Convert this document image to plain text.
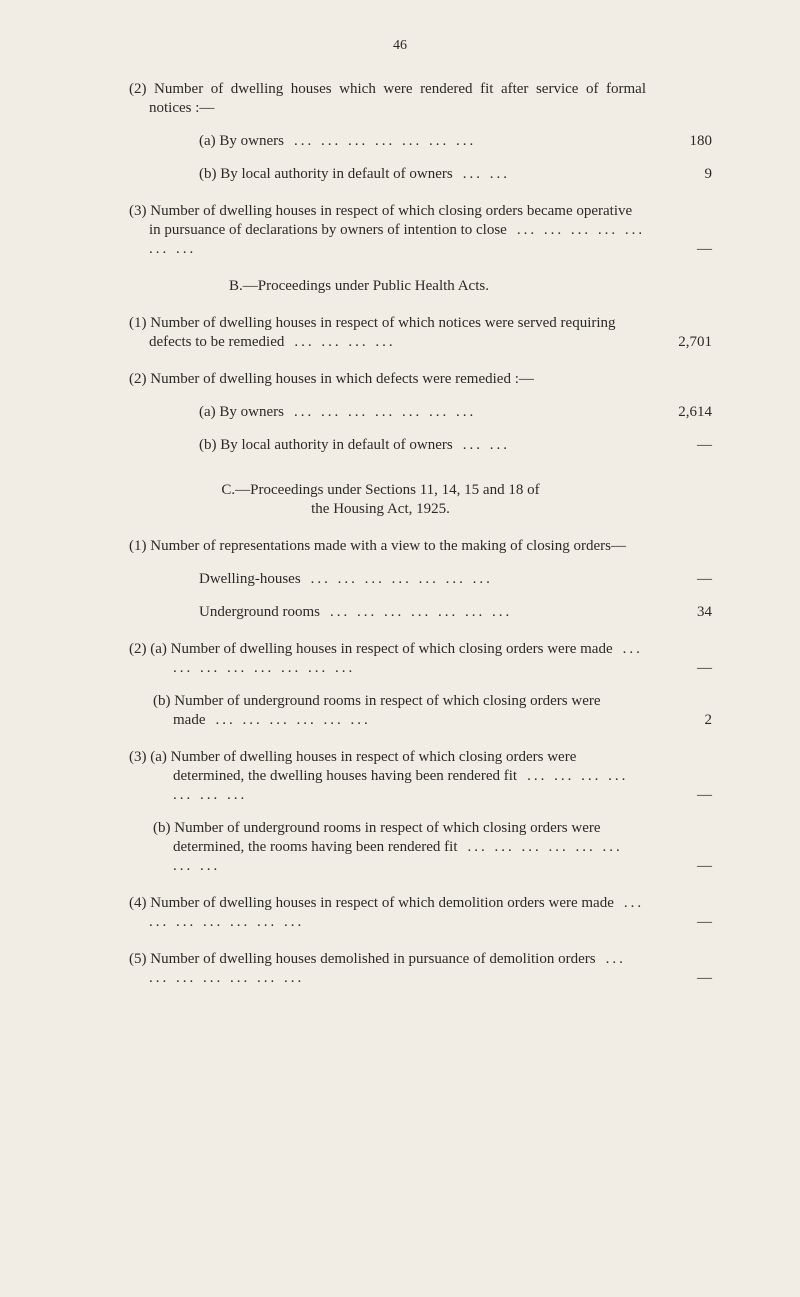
46
(2) Number of dwelling houses which were rendered fit after service of formal notices :—
(a) By owners ... ... ... ... ... ... ...	180
(b) By local authority in default of owners ... ...	9
(3) Number of dwelling houses in respect of which closing orders became operative in pursuance of declarations by owners of intention to close ... ... ... ... ... ... ...	—
B.—Proceedings under Public Health Acts.
(1) Number of dwelling houses in respect of which notices were served requiring defects to be remedied ... ... ... ...	2,701
(2) Number of dwelling houses in which defects were remedied :—
(a) By owners ... ... ... ... ... ... ...	2,614
(b) By local authority in default of owners ... ...	—
C.—Proceedings under Sections 11, 14, 15 and 18 of
the Housing Act, 1925.
(1) Number of representations made with a view to the making of closing orders—
Dwelling-houses ... ... ... ... ... ... ...	—
Underground rooms ... ... ... ... ... ... ...	34
(2) (a) Number of dwelling houses in respect of which closing orders were made ... ... ... ... ... ... ... ...	—
(b) Number of underground rooms in respect of which closing orders were made ... ... ... ... ... ...	2
(3) (a) Number of dwelling houses in respect of which closing orders were determined, the dwelling houses having been rendered fit ... ... ... ... ... ... ...	—
(b) Number of underground rooms in respect of which closing orders were determined, the rooms having been rendered fit ... ... ... ... ... ... ... ...	—
(4) Number of dwelling houses in respect of which demolition orders were made ... ... ... ... ... ... ...	—
(5) Number of dwelling houses demolished in pursuance of demolition orders ... ... ... ... ... ... ...	—
